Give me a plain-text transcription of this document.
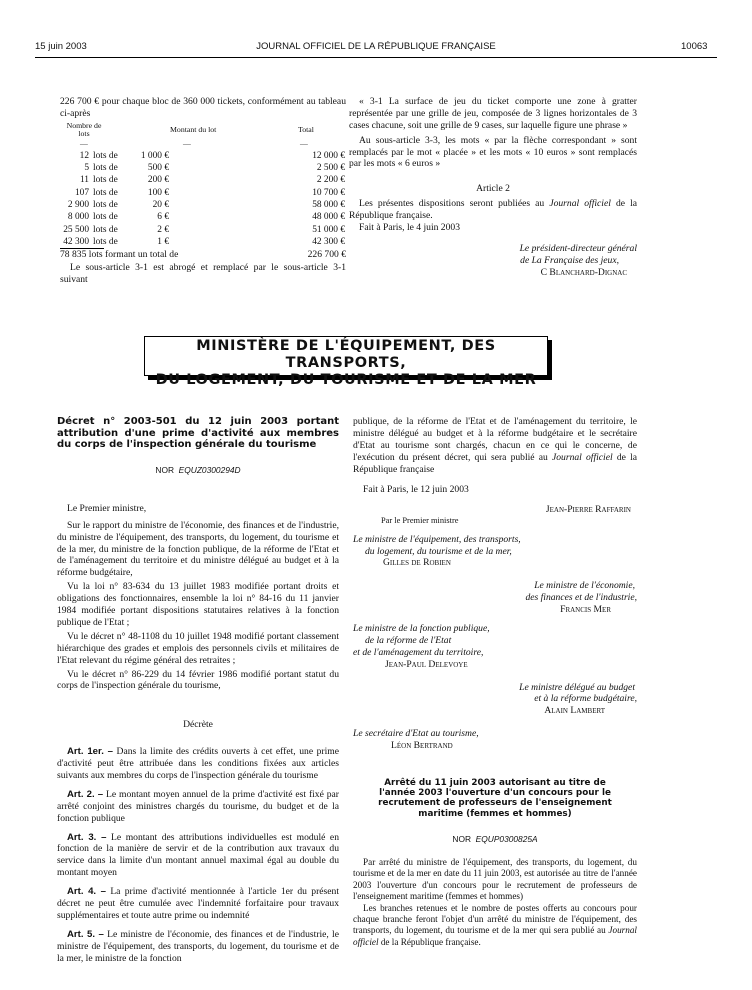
15 juin 2003	JOURNAL OFFICIEL DE LA RÉPUBLIQUE FRANÇAISE	10063

226 700 € pour chaque bloc de 360 000 tickets, conformément au tableau ci-après

Nombre de lots	Montant du lot	Total
—	—	—
12	lots de	1 000 €		12 000 €
5	lots de	500 €		2 500 €
11	lots de	200 €		2 200 €
107	lots de	100 €		10 700 €
2 900	lots de	20 €		58 000 €
8 000	lots de	6 €		48 000 €
25 500	lots de	2 €		51 000 €
42 300	lots de	1 €		42 300 €
78 835 lots formant un total de	226 700 €

Le sous-article 3-1 est abrogé et remplacé par le sous-article 3-1 suivant

« 3-1 La surface de jeu du ticket comporte une zone à gratter représentée par une grille de jeu, composée de 3 lignes horizontales de 3 cases chacune, soit une grille de 9 cases, sur laquelle figure une phrase »

Au sous-article 3-3, les mots « par la flèche correspondant » sont remplacés par le mot « placée » et les mots « 10 euros » sont remplacés par les mots « 6 euros »

Article 2

Les présentes dispositions seront publiées au Journal officiel de la République française.

Fait à Paris, le 4 juin 2003

Le président-directeur général

de La Française des jeux,

C Blanchard-Dignac

MINISTÈRE DE L'ÉQUIPEMENT, DES TRANSPORTS,
DU LOGEMENT, DU TOURISME ET DE LA MER

Décret n° 2003-501 du 12 juin 2003 portant attribution d'une prime d'activité aux membres du corps de l'inspection générale du tourisme

NOR EQUZ0300294D

Le Premier ministre,

Sur le rapport du ministre de l'économie, des finances et de l'industrie, du ministre de l'équipement, des transports, du logement, du tourisme et de la mer, du ministre de la fonction publique, de la réforme de l'Etat et de l'aménagement du territoire et du ministre délégué au budget et à la réforme budgétaire,

Vu la loi n° 83-634 du 13 juillet 1983 modifiée portant droits et obligations des fonctionnaires, ensemble la loi n° 84-16 du 11 janvier 1984 modifiée portant dispositions statutaires relatives à la fonction publique de l'Etat ;

Vu le décret n° 48-1108 du 10 juillet 1948 modifié portant classement hiérarchique des grades et emplois des personnels civils et militaires de l'Etat relevant du régime général des retraites ;

Vu le décret n° 86-229 du 14 février 1986 modifié portant statut du corps de l'inspection générale du tourisme,

Décrète

Art. 1er. – Dans la limite des crédits ouverts à cet effet, une prime d'activité peut être attribuée dans les conditions fixées aux articles suivants aux membres du corps de l'inspection générale du tourisme

Art. 2. – Le montant moyen annuel de la prime d'activité est fixé par arrêté conjoint des ministres chargés du tourisme, du budget et de la fonction publique

Art. 3. – Le montant des attributions individuelles est modulé en fonction de la manière de servir et de la contribution aux travaux du service dans la limite d'un montant annuel maximal égal au double du montant moyen

Art. 4. – La prime d'activité mentionnée à l'article 1er du présent décret ne peut être cumulée avec l'indemnité forfaitaire pour travaux supplémentaires et toute autre prime ou indemnité

Art. 5. – Le ministre de l'économie, des finances et de l'industrie, le ministre de l'équipement, des transports, du logement, du tourisme et de la mer, le ministre de la fonction

publique, de la réforme de l'Etat et de l'aménagement du territoire, le ministre délégué au budget et à la réforme budgétaire et le secrétaire d'Etat au tourisme sont chargés, chacun en ce qui le concerne, de l'exécution du présent décret, qui sera publié au Journal officiel de la République française

Fait à Paris, le 12 juin 2003

Jean-Pierre Raffarin

Par le Premier ministre

Le ministre de l'équipement, des transports,

du logement, du tourisme et de la mer,

Gilles de Robien

Le ministre de l'économie,

des finances et de l'industrie,

Francis Mer

Le ministre de la fonction publique,

de la réforme de l'Etat

et de l'aménagement du territoire,

Jean-Paul Delevoye

Le ministre délégué au budget

et à la réforme budgétaire,

Alain Lambert

Le secrétaire d'Etat au tourisme,

Léon Bertrand

Arrêté du 11 juin 2003 autorisant au titre de l'année 2003 l'ouverture d'un concours pour le recrutement de professeurs de l'enseignement maritime (femmes et hommes)

NOR EQUP0300825A

Par arrêté du ministre de l'équipement, des transports, du logement, du tourisme et de la mer en date du 11 juin 2003, est autorisée au titre de l'année 2003 l'ouverture d'un concours pour le recrutement de professeurs de l'enseignement maritime (femmes et hommes)

Les branches retenues et le nombre de postes offerts au concours pour chaque branche feront l'objet d'un arrêté du ministre de l'équipement, des transports, du logement, du tourisme et de la mer qui sera publié au Journal officiel de la République française.
